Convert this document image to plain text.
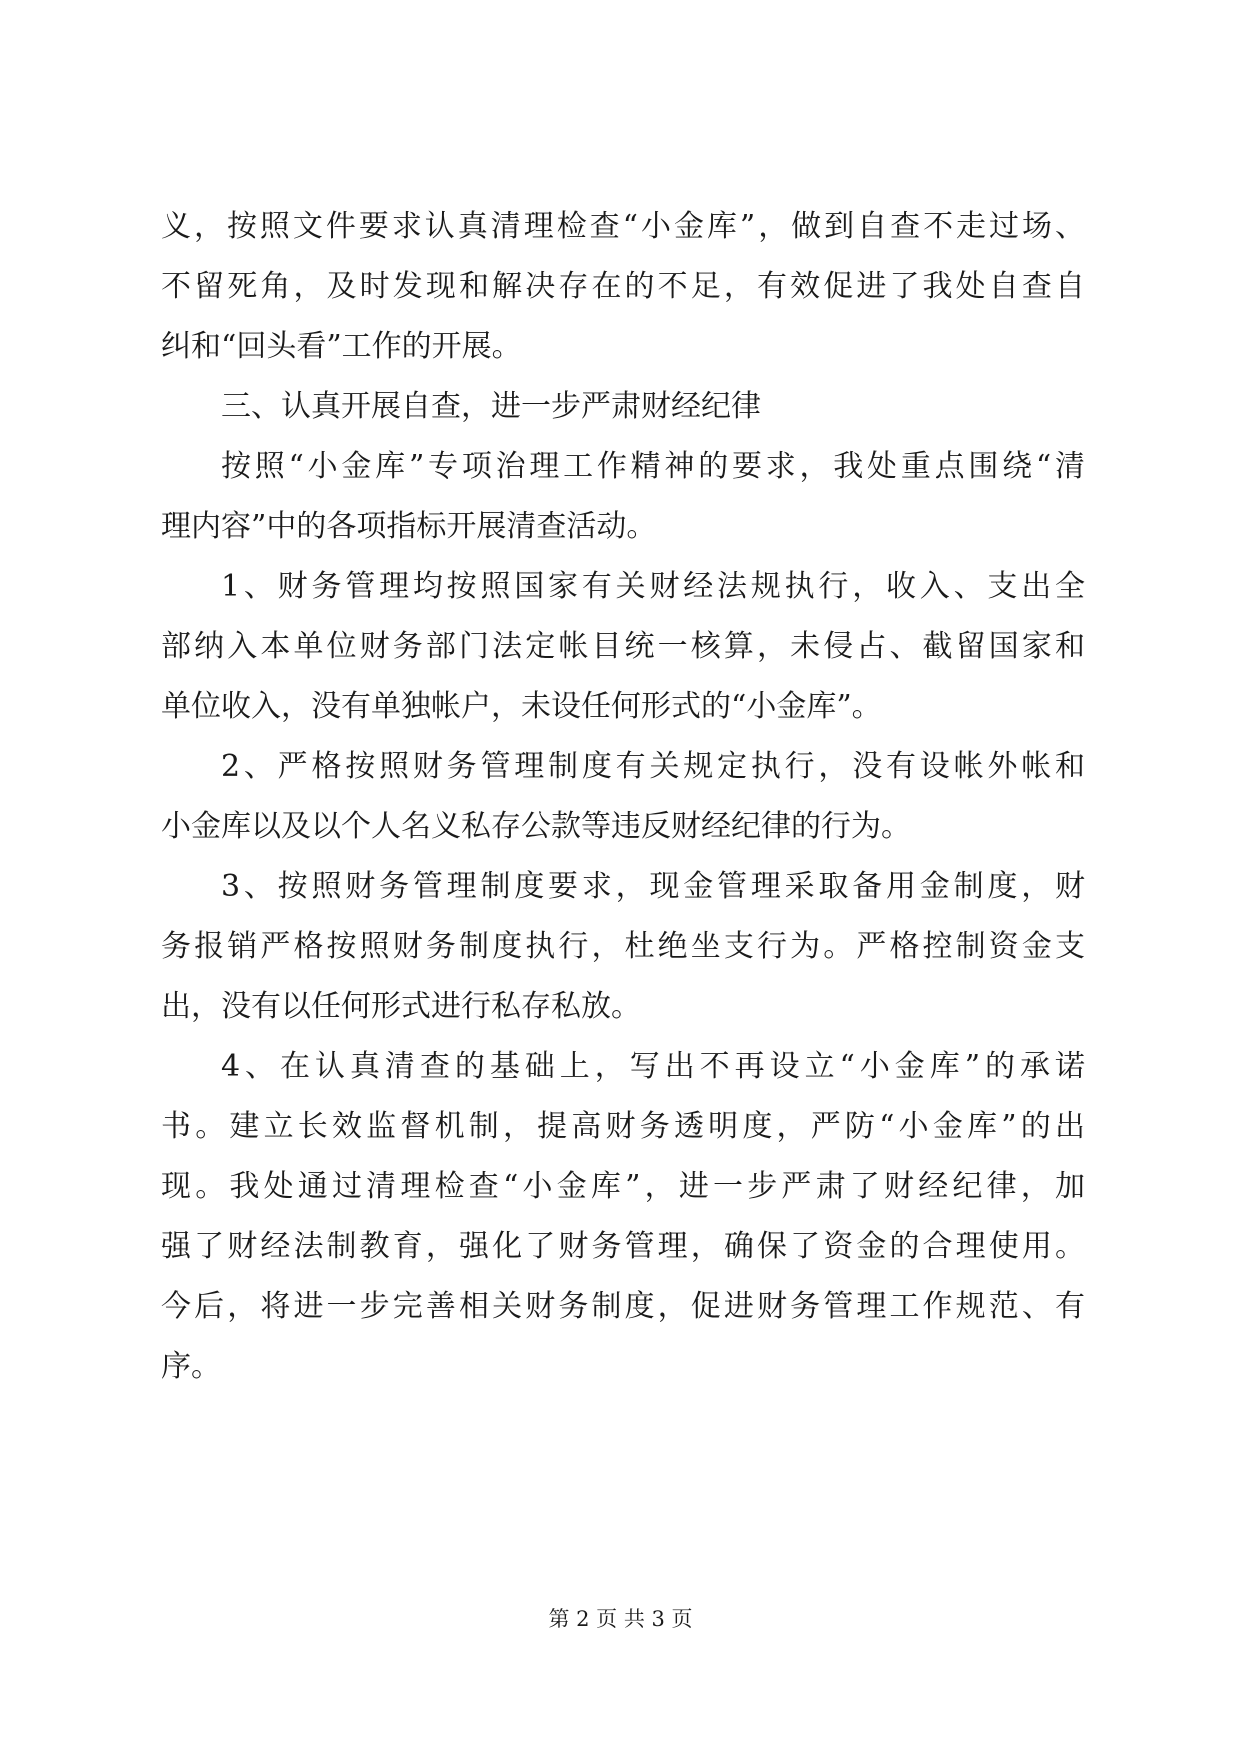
义，按照文件要求认真清理检查“小金库”，做到自查不走过场、
不留死角，及时发现和解决存在的不足，有效促进了我处自查自
纠和“回头看”工作的开展。
三、认真开展自查，进一步严肃财经纪律
按照“小金库”专项治理工作精神的要求，我处重点围绕“清
理内容”中的各项指标开展清查活动。
1、财务管理均按照国家有关财经法规执行，收入、支出全
部纳入本单位财务部门法定帐目统一核算，未侵占、截留国家和
单位收入，没有单独帐户，未设任何形式的“小金库”。
2、严格按照财务管理制度有关规定执行，没有设帐外帐和
小金库以及以个人名义私存公款等违反财经纪律的行为。
3、按照财务管理制度要求，现金管理采取备用金制度，财
务报销严格按照财务制度执行，杜绝坐支行为。严格控制资金支
出，没有以任何形式进行私存私放。
4、在认真清查的基础上，写出不再设立“小金库”的承诺
书。建立长效监督机制，提高财务透明度，严防“小金库”的出
现。我处通过清理检查“小金库”，进一步严肃了财经纪律，加
强了财经法制教育，强化了财务管理，确保了资金的合理使用。
今后，将进一步完善相关财务制度，促进财务管理工作规范、有
序。
第 2 页 共 3 页
